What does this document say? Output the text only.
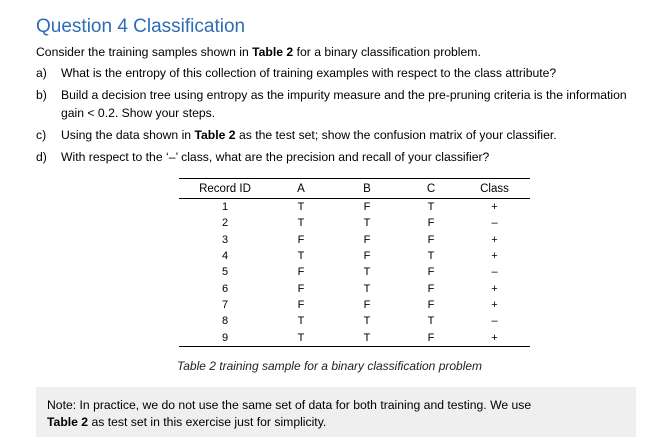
Question 4 Classification
Consider the training samples shown in Table 2 for a binary classification problem.
a)	What is the entropy of this collection of training examples with respect to the class attribute?
b)	Build a decision tree using entropy as the impurity measure and the pre-pruning criteria is the information gain < 0.2. Show your steps.
c)	Using the data shown in Table 2 as the test set; show the confusion matrix of your classifier.
d)	With respect to the ‘–’ class, what are the precision and recall of your classifier?
Record ID	A	B	C	Class
1	T	F	T	+
2	T	T	F	–
3	F	F	F	+
4	T	F	T	+
5	F	T	F	–
6	F	T	F	+
7	F	F	F	+
8	T	T	T	–
9	T	T	F	+
Table 2 training sample for a binary classification problem
Note: In practice, we do not use the same set of data for both training and testing. We use
Table 2 as test set in this exercise just for simplicity.
